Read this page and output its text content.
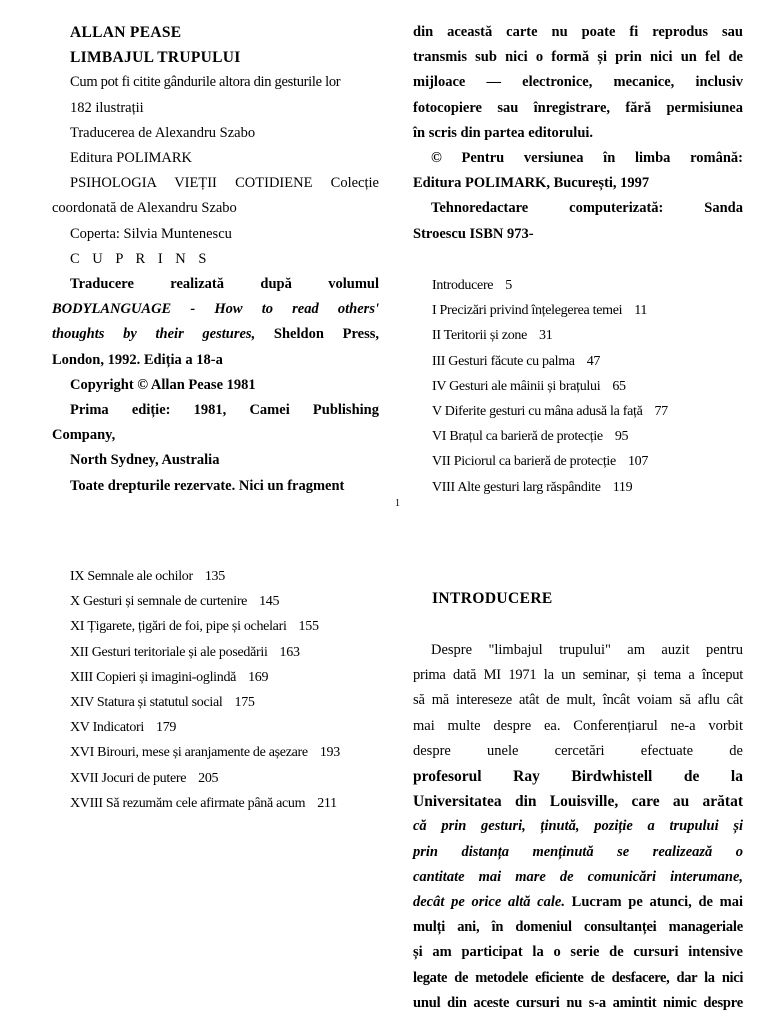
ALLAN PEASE

LIMBAJUL TRUPULUI

Cum pot fi citite gândurile altora din gesturile lor

182 ilustrații

Traducerea de Alexandru Szabo

Editura POLIMARK

PSIHOLOGIA VIEȚII COTIDIENE Colecție

coordonată de Alexandru Szabo

Coperta: Silvia Muntenescu

C U P R I N S

Traducere realizată după volumul

BODYLANGUAGE - How to read others'

thoughts by their gestures, Sheldon Press,

London, 1992. Ediția a 18-a

Copyright © Allan Pease 1981

Prima ediție: 1981, Camei Publishing

Company,

North Sydney, Australia

Toate drepturile rezervate. Nici un fragment

din această carte nu poate fi reprodus sau

transmis sub nici o formă și prin nici un fel de

mijloace — electronice, mecanice, inclusiv

fotocopiere sau înregistrare, fără permisiunea

în scris din partea editorului.

© Pentru versiunea în limba română:

Editura POLIMARK, București, 1997

Tehnoredactare computerizată: Sanda

Stroescu ISBN 973-

Introducere 5

I Precizări privind înțelegerea temei 11

II Teritorii și zone 31

III Gesturi făcute cu palma 47

IV Gesturi ale mâinii și brațului 65

V Diferite gesturi cu mâna adusă la față 77

VI Brațul ca barieră de protecție 95

VII Piciorul ca barieră de protecție 107

VIII Alte gesturi larg răspândite 119

1

IX Semnale ale ochilor 135

X Gesturi și semnale de curtenire 145

XI Țigarete, țigări de foi, pipe și ochelari 155

XII Gesturi teritoriale și ale posedării 163

XIII Copieri și imagini-oglindă 169

XIV Statura și statutul social 175

XV Indicatori 179

XVI Birouri, mese și aranjamente de așezare 193

XVII Jocuri de putere 205

XVIII Să rezumăm cele afirmate până acum 211

INTRODUCERE

Despre "limbajul trupului" am auzit pentru

prima dată MI 1971 la un seminar, și tema a început

să mă intereseze atât de mult, încât voiam să aflu cât

mai multe despre ea. Conferențiarul ne-a vorbit

despre unele cercetări efectuate de

profesorul Ray Birdwhistell de la

Universitatea din Louisville, care au arătat

că prin gesturi, ținută, poziție a trupului și

prin distanța menținută se realizează o

cantitate mai mare de comunicări interumane,

decât pe orice altă cale. Lucram pe atunci, de mai

mulți ani, în domeniul consultanței manageriale

și am participat la o serie de cursuri intensive

legate de metodele eficiente de desfacere, dar la nici

unul din aceste cursuri nu s-a amintit nimic despre
